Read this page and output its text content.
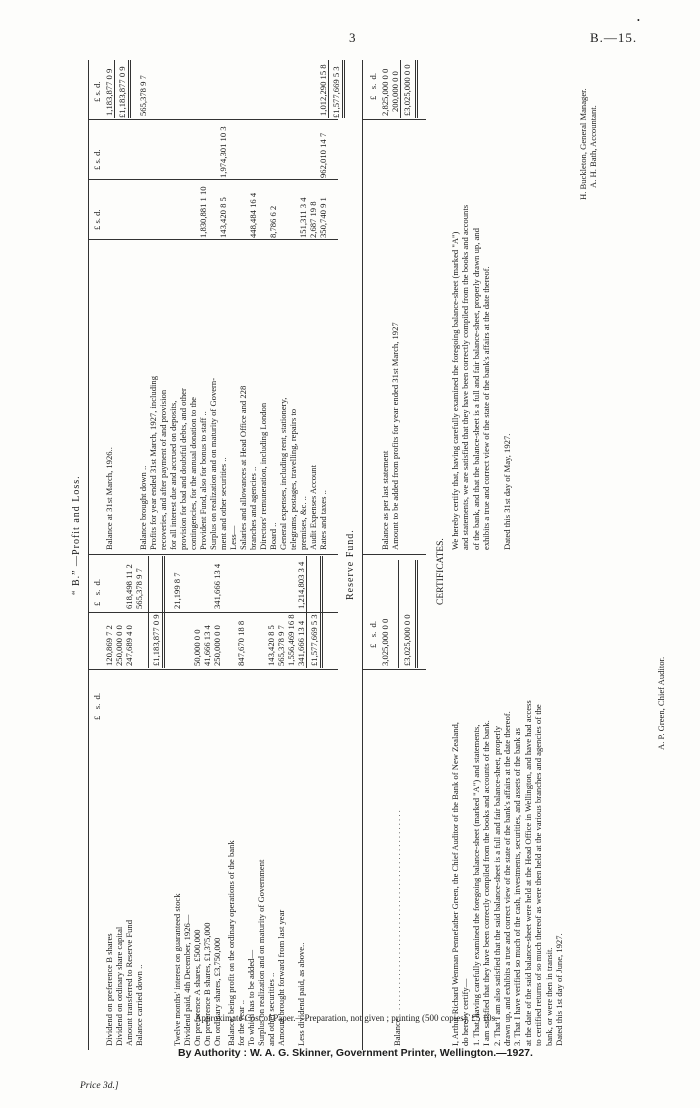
3	B.—15.
•
“ B.” —Profit and Loss.
£   s.  d.
£   s.  d.
Dividend on preference B shares
120,869 7 2
Dividend on ordinary share capital
250,000 0 0
Amount transferred to Reserve Fund
247,689 4 0
618,498 11 2
Balance carried down ..
565,378 9 7
£1,183,877 0 9
Twelve months' interest on guaranteed stock
21,199 8 7
Dividend paid, 4th December, 1926— On preference A shares, £500,000
50,000 0 0
On preference B shares, £1,375,000
41,666 13 4
On ordinary shares, £3,750,000
250,000 0 0
341,666 13 4
Balance, being profit on the ordinary operations of the bank for the year ..
847,670 18 8
To which has to be added— Surplus on realization and on maturity of Government and other securities ..
143,420 8 5
Amount brought forward from last year
565,378 9 7 1,556,469 16 8
Less dividend paid, as above..
341,666 13 4
1,214,803 3 4
£1,577,669 5 3
£ s. d.
£ s. d.
£ s. d.
Balance at 31st March, 1926..
1,183,877 0 9 £1,183,877 0 9
Balance brought down ..
565,378 9 7
Profits for year ended 31st March, 1927, including recoveries, and after payment of and provision for all interest due and accrued on deposits, provision for bad and doubtful debts, and other contingencies, for the annual donation to the Provident Fund, also for bonus to staff ..
1,830,881 1 10
Surplus on realization and on maturity of Govern- ment and other securities ..
143,420 8 5
1,974,301 10 3
Less— Salaries and allowances at Head Office and 228 branches and agencies ..
448,484 16 4
Directors' remuneration, including London Board ..
8,786 6 2
General expenses, including rent, stationery, telegrams, postages, travelling, repairs to premises, &c. ..
151,311 3 4
Audit Expenses Account
2,687 19 8
Rates and taxes ..
350,740 9 1
962,010 14 7
1,012,290 15 8 £1,577,669 5 3
Reserve Fund.
Balance
. . . . . . . . . . . . . . . . . . . . . . . . . . . . . . . . . . . . . . . . . . . . . . .
£   s.  d. 3,025,000 0 0 £3,025,000 0 0
£   s.  d.
Balance as per last statement
2,825,000 0 0
Amount to be added from profits for year ended 31st March, 1927
200,000 0 0 £3,025,000 0 0
CERTIFICATES.
I, Arthur Richard Wenman Pennefather Green, the Chief Auditor of the Bank of New Zealand, do hereby certify— 1. That, having carefully examined the foregoing balance-sheet (marked "A") and statements, I am satisfied that they have been correctly compiled from the books and accounts of the bank. 2. That I am also satisfied that the said balance-sheet is a full and fair balance-sheet, properly drawn up, and exhibits a true and correct view of the state of the bank's affairs at the date thereof. 3. That I have verified so much of the cash, investments, securities, and assets of the bank as at the date of the said balance-sheet were held at the Head Office in Wellington, and have had access to certified returns of so much thereof as were then held at the various branches and agencies of the bank, or were then in transit. Dated this 1st day of June, 1927.
We hereby certify that, having carefully examined the foregoing balance-sheet (marked "A") and statements, we are satisfied that they have been correctly compiled from the books and accounts of the bank, and that the balance-sheet is a full and fair balance-sheet, properly drawn up, and exhibits a true and correct view of the state of the bank's affairs at the date thereof. Dated this 31st day of May, 1927.
A. P. Green, Chief Auditor.
H. Buckleton, General Manager. A. H. Bath, Accountant.
Approximate Cost of Paper.—Preparation, not given ; printing (500 copies), £5 10s.
By Authority : W. A. G. Skinner, Government Printer, Wellington.—1927.
Price 3d.]
